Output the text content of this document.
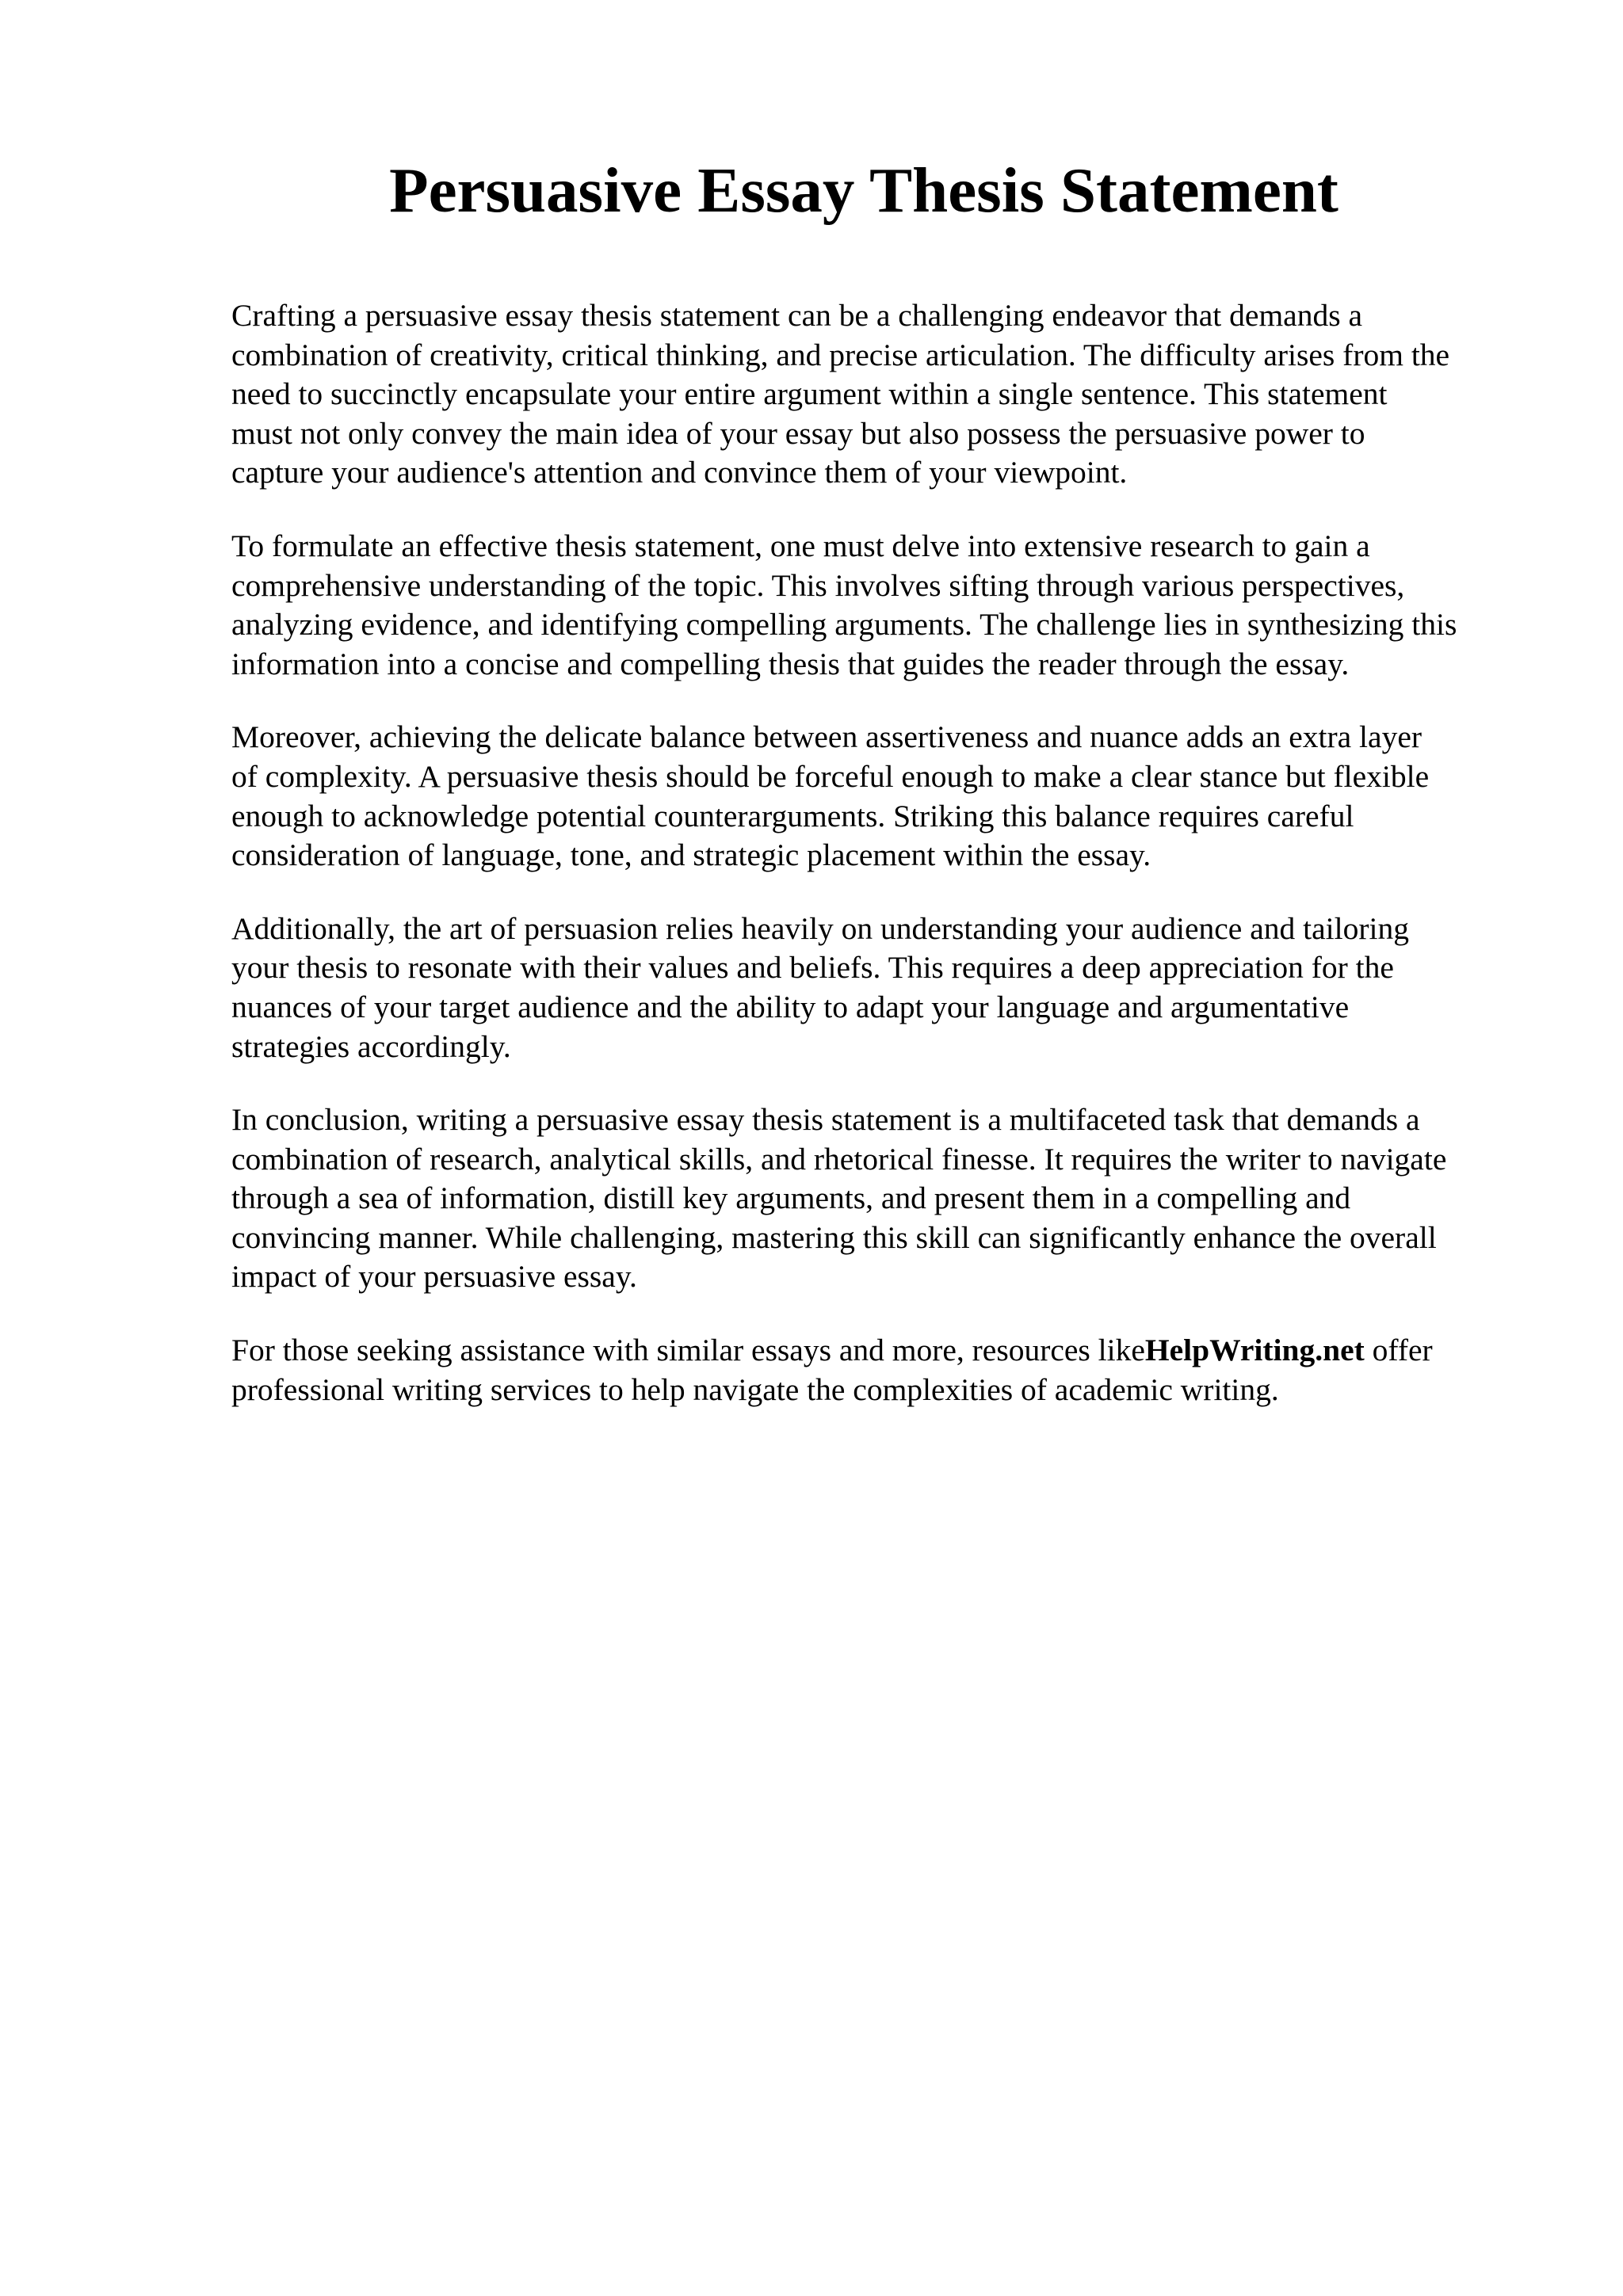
Persuasive Essay Thesis Statement

Crafting a persuasive essay thesis statement can be a challenging endeavor that demands a
combination of creativity, critical thinking, and precise articulation. The difficulty arises from the
need to succinctly encapsulate your entire argument within a single sentence. This statement
must not only convey the main idea of your essay but also possess the persuasive power to
capture your audience's attention and convince them of your viewpoint.

To formulate an effective thesis statement, one must delve into extensive research to gain a
comprehensive understanding of the topic. This involves sifting through various perspectives,
analyzing evidence, and identifying compelling arguments. The challenge lies in synthesizing this
information into a concise and compelling thesis that guides the reader through the essay.

Moreover, achieving the delicate balance between assertiveness and nuance adds an extra layer
of complexity. A persuasive thesis should be forceful enough to make a clear stance but flexible
enough to acknowledge potential counterarguments. Striking this balance requires careful
consideration of language, tone, and strategic placement within the essay.

Additionally, the art of persuasion relies heavily on understanding your audience and tailoring
your thesis to resonate with their values and beliefs. This requires a deep appreciation for the
nuances of your target audience and the ability to adapt your language and argumentative
strategies accordingly.

In conclusion, writing a persuasive essay thesis statement is a multifaceted task that demands a
combination of research, analytical skills, and rhetorical finesse. It requires the writer to navigate
through a sea of information, distill key arguments, and present them in a compelling and
convincing manner. While challenging, mastering this skill can significantly enhance the overall
impact of your persuasive essay.

For those seeking assistance with similar essays and more, resources likeHelpWriting.net offer
professional writing services to help navigate the complexities of academic writing.
